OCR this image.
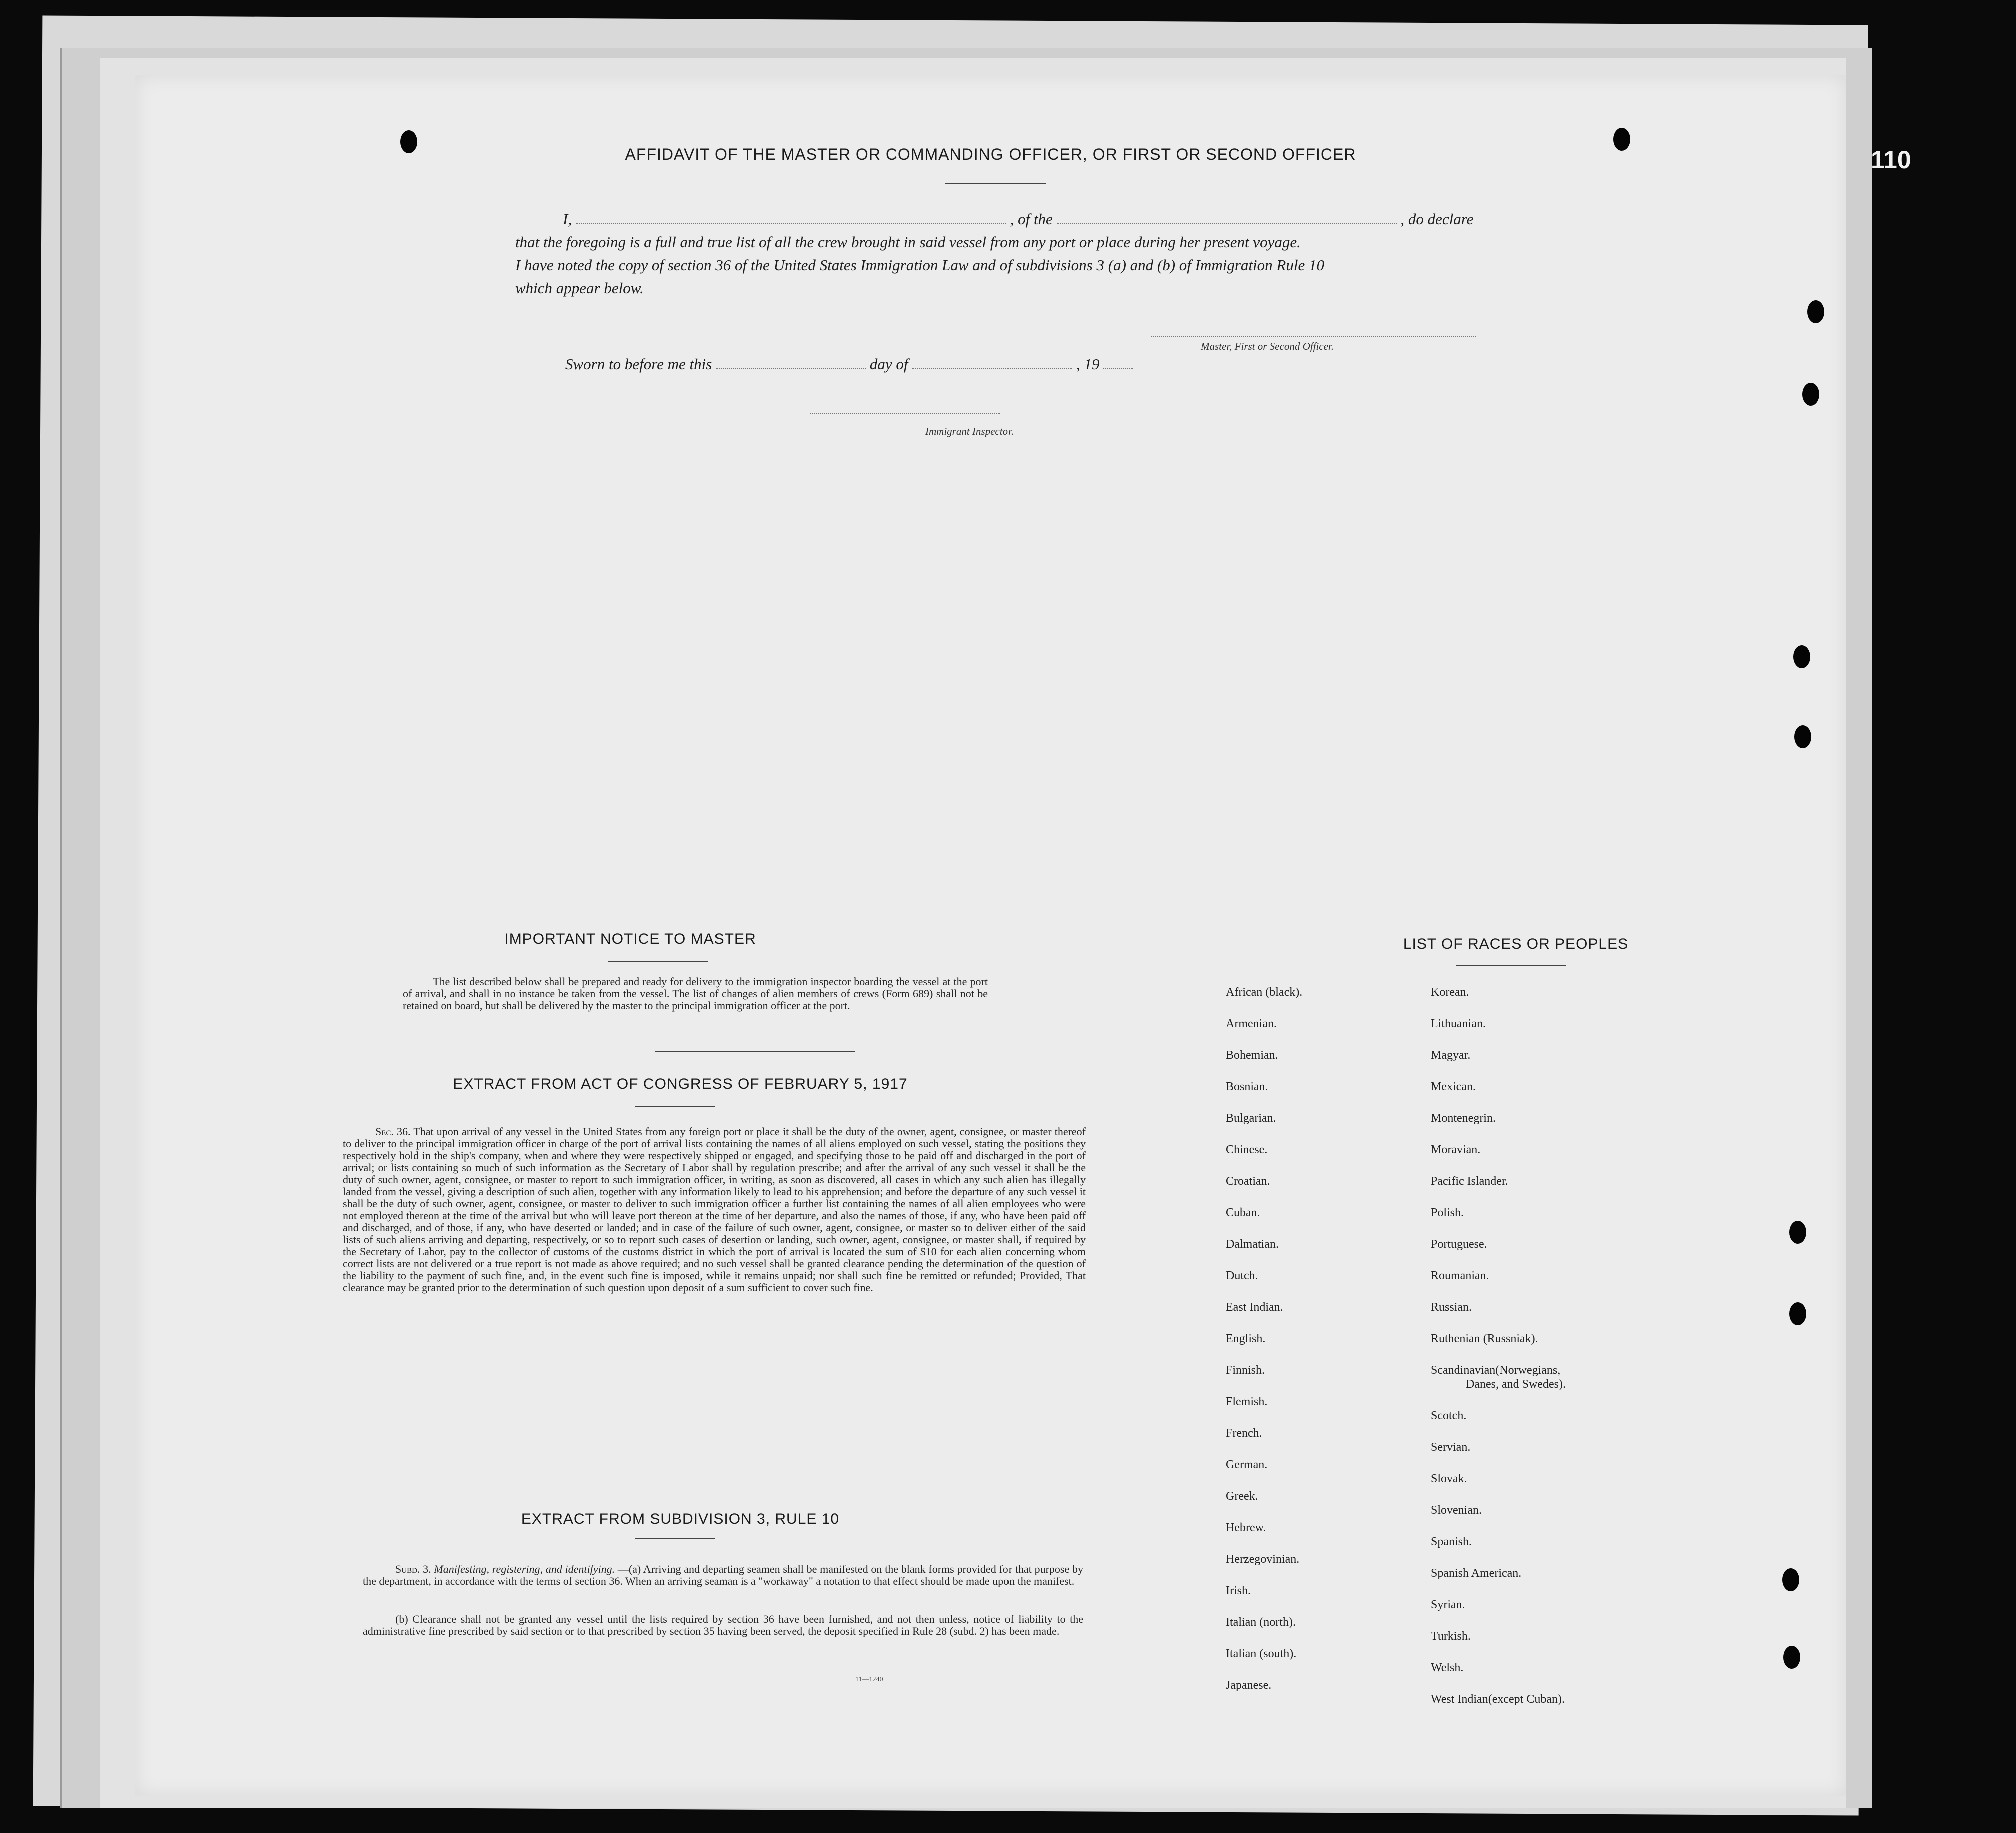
AFFIDAVIT OF THE MASTER OR COMMANDING OFFICER, OR FIRST OR SECOND OFFICER
I,	, of the	, do declare
that the foregoing is a full and true list of all the crew brought in said vessel from any port or place during her present voyage.
I have noted the copy of section 36 of the United States Immigration Law and of subdivisions 3 (a) and (b) of Immigration Rule 10
which appear below.
Master, First or Second Officer.
Sworn to before me this	day of	, 19
Immigrant Inspector.
IMPORTANT NOTICE TO MASTER
The list described below shall be prepared and ready for delivery to the immigration inspector boarding the vessel at the port of arrival, and shall in no instance be taken from the vessel. The list of changes of alien members of crews (Form 689) shall not be retained on board, but shall be delivered by the master to the principal immigration officer at the port.
EXTRACT FROM ACT OF CONGRESS OF FEBRUARY 5, 1917
Sec. 36. That upon arrival of any vessel in the United States from any foreign port or place it shall be the duty of the owner, agent, consignee, or master thereof to deliver to the principal immigration officer in charge of the port of arrival lists containing the names of all aliens employed on such vessel, stating the positions they respectively hold in the ship's company, when and where they were respectively shipped or engaged, and specifying those to be paid off and discharged in the port of arrival; or lists containing so much of such information as the Secretary of Labor shall by regulation prescribe; and after the arrival of any such vessel it shall be the duty of such owner, agent, consignee, or master to report to such immigration officer, in writing, as soon as discovered, all cases in which any such alien has illegally landed from the vessel, giving a description of such alien, together with any information likely to lead to his apprehension; and before the departure of any such vessel it shall be the duty of such owner, agent, consignee, or master to deliver to such immigration officer a further list containing the names of all alien employees who were not employed thereon at the time of the arrival but who will leave port thereon at the time of her departure, and also the names of those, if any, who have been paid off and discharged, and of those, if any, who have deserted or landed; and in case of the failure of such owner, agent, consignee, or master so to deliver either of the said lists of such aliens arriving and departing, respectively, or so to report such cases of desertion or landing, such owner, agent, consignee, or master shall, if required by the Secretary of Labor, pay to the collector of customs of the customs district in which the port of arrival is located the sum of $10 for each alien concerning whom correct lists are not delivered or a true report is not made as above required; and no such vessel shall be granted clearance pending the determination of the question of the liability to the payment of such fine, and, in the event such fine is imposed, while it remains unpaid; nor shall such fine be remitted or refunded; Provided, That clearance may be granted prior to the determination of such question upon deposit of a sum sufficient to cover such fine.
EXTRACT FROM SUBDIVISION 3, RULE 10
Subd. 3. Manifesting, registering, and identifying. —(a) Arriving and departing seamen shall be manifested on the blank forms provided for that purpose by the department, in accordance with the terms of section 36. When an arriving seaman is a "workaway" a notation to that effect should be made upon the manifest.
(b) Clearance shall not be granted any vessel until the lists required by section 36 have been furnished, and not then unless, notice of liability to the administrative fine prescribed by said section or to that prescribed by section 35 having been served, the deposit specified in Rule 28 (subd. 2) has been made.
11—1240
LIST OF RACES OR PEOPLES
African (black).
Armenian.
Bohemian.
Bosnian.
Bulgarian.
Chinese.
Croatian.
Cuban.
Dalmatian.
Dutch.
East Indian.
English.
Finnish.
Flemish.
French.
German.
Greek.
Hebrew.
Herzegovinian.
Irish.
Italian (north).
Italian (south).
Japanese.
Korean.
Lithuanian.
Magyar.
Mexican.
Montenegrin.
Moravian.
Pacific Islander.
Polish.
Portuguese.
Roumanian.
Russian.
Ruthenian (Russniak).
Scandinavian(Norwegians,
Danes, and Swedes).
Scotch.
Servian.
Slovak.
Slovenian.
Spanish.
Spanish American.
Syrian.
Turkish.
Welsh.
West Indian(except Cuban).
110
